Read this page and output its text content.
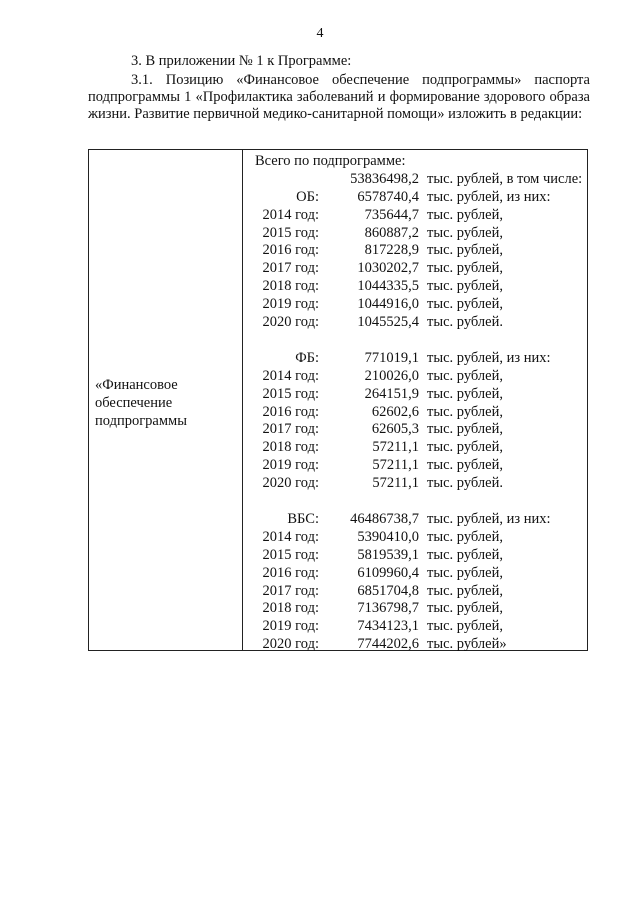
4
3. В приложении № 1 к Программе:
3.1. Позицию «Финансовое обеспечение подпрограммы» паспорта
подпрограммы 1 «Профилактика заболеваний и формирование здорового образа жизни. Развитие первичной медико-санитарной помощи» изложить в редакции:
«Финансовое
обеспечение
подпрограммы
Всего по подпрограмме:
53836498,2 тыс. рублей, в том числе:
ОБ:	6578740,4 тыс. рублей, из них:
2014 год:	735644,7 тыс. рублей,
2015 год:	860887,2 тыс. рублей,
2016 год:	817228,9 тыс. рублей,
2017 год:	1030202,7 тыс. рублей,
2018 год:	1044335,5 тыс. рублей,
2019 год:	1044916,0 тыс. рублей,
2020 год:	1045525,4 тыс. рублей.
ФБ:	771019,1 тыс. рублей, из них:
2014 год:	210026,0 тыс. рублей,
2015 год:	264151,9 тыс. рублей,
2016 год:	62602,6 тыс. рублей,
2017 год:	62605,3 тыс. рублей,
2018 год:	57211,1 тыс. рублей,
2019 год:	57211,1 тыс. рублей,
2020 год:	57211,1 тыс. рублей.
ВБС: 46486738,7 тыс. рублей, из них:
2014 год:	5390410,0 тыс. рублей,
2015 год:	5819539,1 тыс. рублей,
2016 год:	6109960,4 тыс. рублей,
2017 год:	6851704,8 тыс. рублей,
2018 год:	7136798,7 тыс. рублей,
2019 год:	7434123,1 тыс. рублей,
2020 год:	7744202,6 тыс. рублей»
